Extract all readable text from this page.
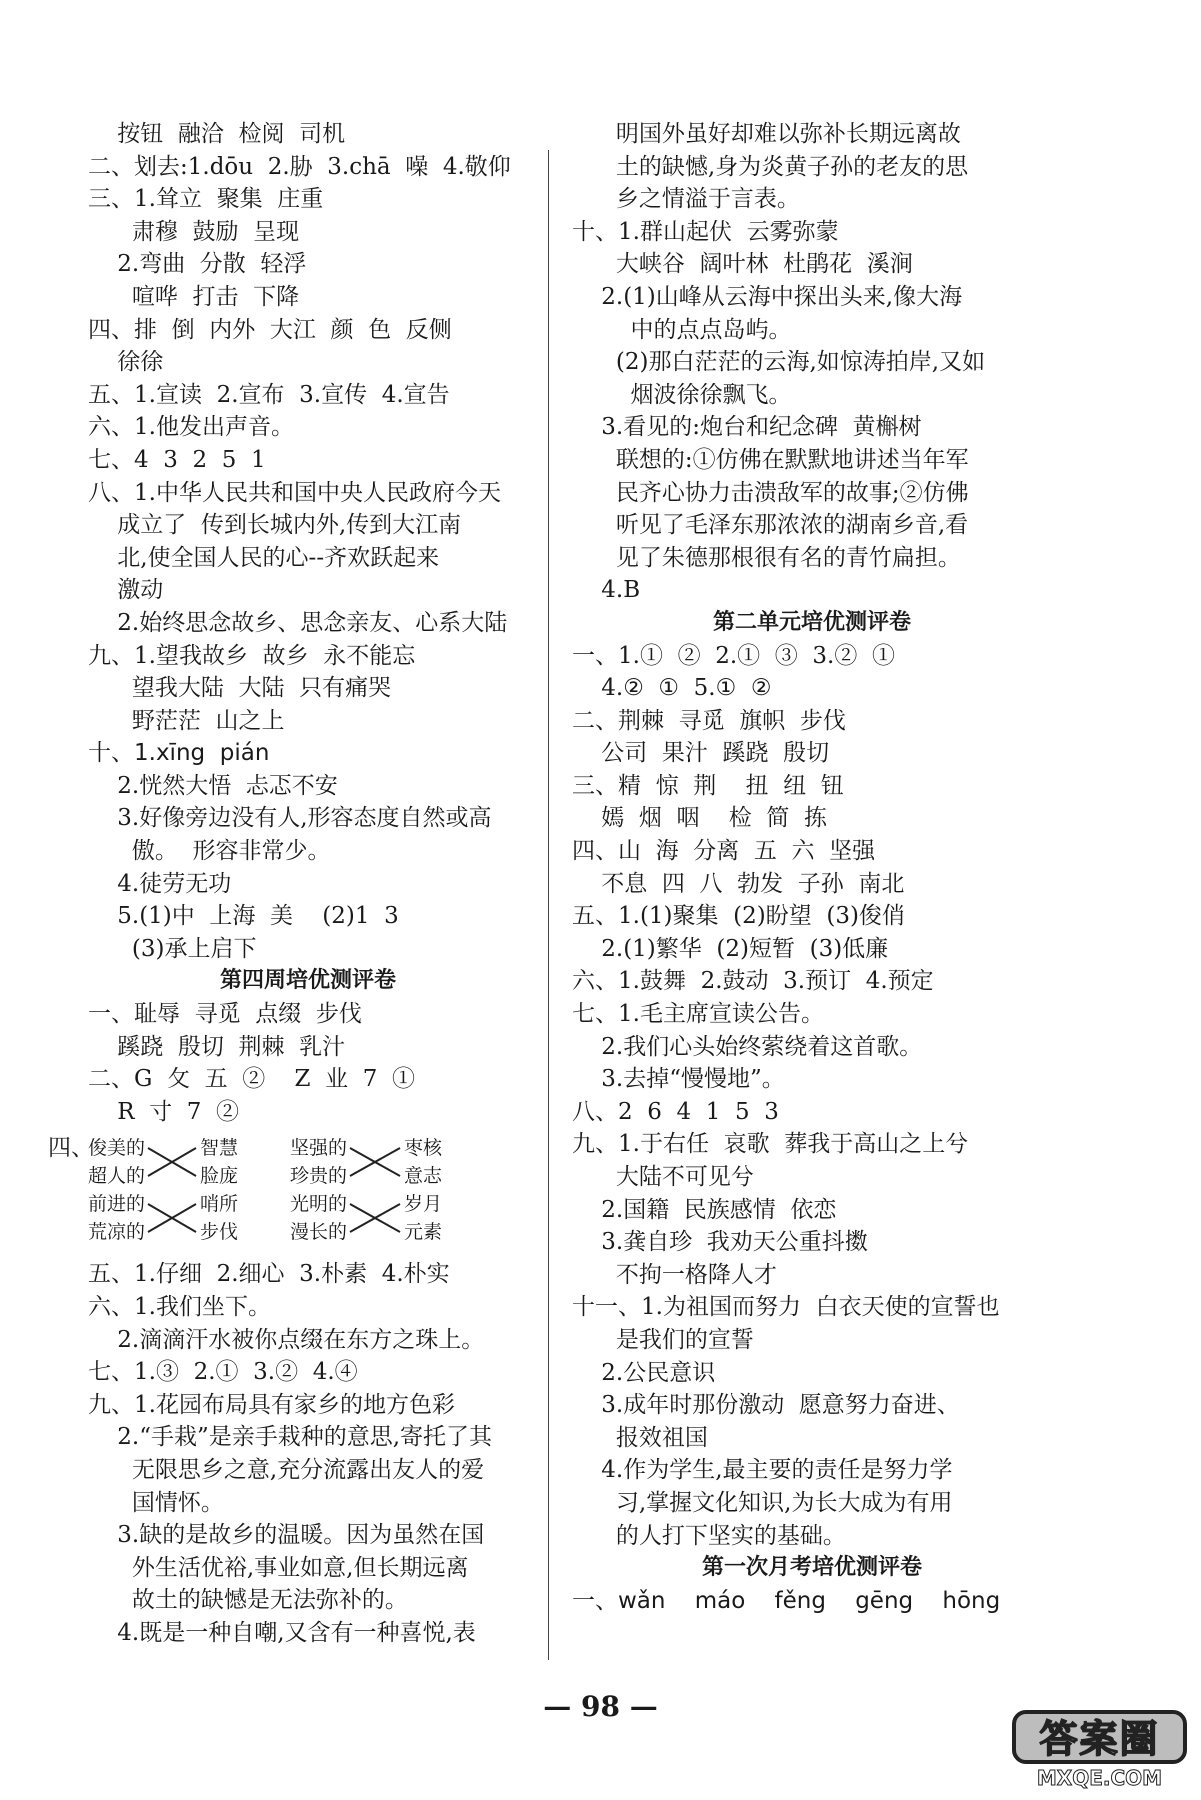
按钮  融洽  检阅  司机
二、划去:1.dōu  2.胁  3.chā  噪  4.敬仰
三、1.耸立  聚集  庄重
肃穆  鼓励  呈现
2.弯曲  分散  轻浮
喧哗  打击  下降
四、排  倒  内外  大江  颜  色  反侧
徐徐
五、1.宣读  2.宣布  3.宣传  4.宣告
六、1.他发出声音。
七、4  3  2  5  1
八、1.中华人民共和国中央人民政府今天
成立了  传到长城内外,传到大江南
北,使全国人民的心--齐欢跃起来
激动
2.始终思念故乡、思念亲友、心系大陆
九、1.望我故乡  故乡  永不能忘
望我大陆  大陆  只有痛哭
野茫茫  山之上
十、1.xīng  pián
2.恍然大悟  忐忑不安
3.好像旁边没有人,形容态度自然或高
傲。  形容非常少。
4.徒劳无功
5.(1)中  上海  美    (2)1  3
(3)承上启下
第四周培优测评卷
一、耻辱  寻觅  点缀  步伐
蹊跷  殷切  荆棘  乳汁
二、G  攵  五  ②    Z  业  7  ①
R  寸  7  ②
四、
俊美的	智慧
超人的	脸庞
前进的	哨所
荒凉的	步伐
坚强的	枣核
珍贵的	意志
光明的	岁月
漫长的	元素
五、1.仔细  2.细心  3.朴素  4.朴实
六、1.我们坐下。
2.滴滴汗水被你点缀在东方之珠上。
七、1.③  2.①  3.②  4.④
九、1.花园布局具有家乡的地方色彩
2.“手栽”是亲手栽种的意思,寄托了其
无限思乡之意,充分流露出友人的爱
国情怀。
3.缺的是故乡的温暖。因为虽然在国
外生活优裕,事业如意,但长期远离
故土的缺憾是无法弥补的。
4.既是一种自嘲,又含有一种喜悦,表
明国外虽好却难以弥补长期远离故
土的缺憾,身为炎黄子孙的老友的思
乡之情溢于言表。
十、1.群山起伏  云雾弥蒙
大峡谷  阔叶林  杜鹃花  溪涧
2.(1)山峰从云海中探出头来,像大海
中的点点岛屿。
(2)那白茫茫的云海,如惊涛拍岸,又如
烟波徐徐飘飞。
3.看见的:炮台和纪念碑  黄槲树
联想的:①仿佛在默默地讲述当年军
民齐心协力击溃敌军的故事;②仿佛
听见了毛泽东那浓浓的湖南乡音,看
见了朱德那根很有名的青竹扁担。
4.B
第二单元培优测评卷
一、1.①  ②  2.①  ③  3.②  ①
4.②  ①  5.①  ②
二、荆棘  寻觅  旗帜  步伐
公司  果汁  蹊跷  殷切
三、精  惊  荆    扭  纽  钮
嫣  烟  咽    检  简  拣
四、山  海  分离  五  六  坚强
不息  四  八  勃发  子孙  南北
五、1.(1)聚集  (2)盼望  (3)俊俏
2.(1)繁华  (2)短暂  (3)低廉
六、1.鼓舞  2.鼓动  3.预订  4.预定
七、1.毛主席宣读公告。
2.我们心头始终萦绕着这首歌。
3.去掉“慢慢地”。
八、2  6  4  1  5  3
九、1.于右任  哀歌  葬我于高山之上兮
大陆不可见兮
2.国籍  民族感情  依恋
3.龚自珍  我劝天公重抖擞
不拘一格降人才
十一、1.为祖国而努力  白衣天使的宣誓也
是我们的宣誓
2.公民意识
3.成年时那份激动  愿意努力奋进、
报效祖国
4.作为学生,最主要的责任是努力学
习,掌握文化知识,为长大成为有用
的人打下坚实的基础。
第一次月考培优测评卷
一、wǎn    máo    fěng    gēng    hōng
— 98 —
答案圈
MXQE.COM
